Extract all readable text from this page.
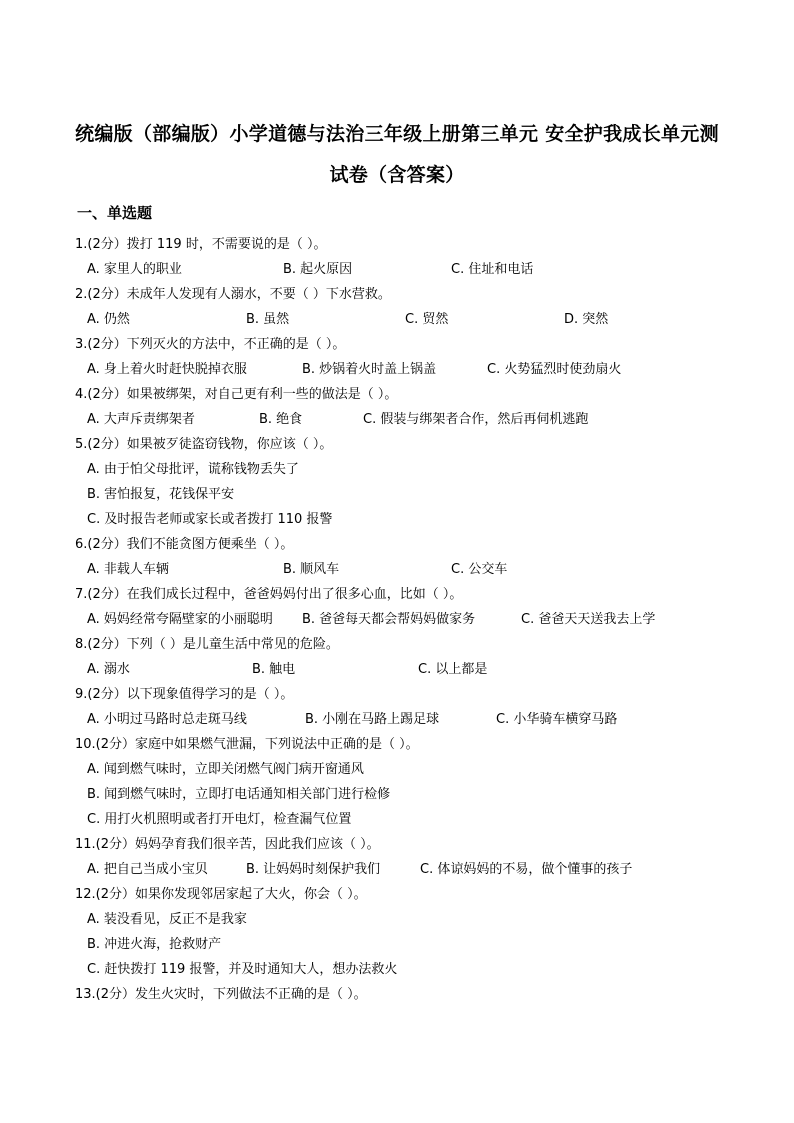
统编版（部编版）小学道德与法治三年级上册第三单元 安全护我成长单元测
试卷（含答案）
一、单选题
1.(2分）拨打 119 时，不需要说的是（ ）。
A. 家里人的职业	B. 起火原因	C. 住址和电话
2.(2分）未成年人发现有人溺水，不要（ ）下水营救。
A. 仍然	B. 虽然	C. 贸然	D. 突然
3.(2分）下列灭火的方法中，不正确的是（ ）。
A. 身上着火时赶快脱掉衣服	B. 炒锅着火时盖上锅盖	C. 火势猛烈时使劲扇火
4.(2分）如果被绑架，对自己更有利一些的做法是（ ）。
A. 大声斥责绑架者	B. 绝食	C. 假装与绑架者合作，然后再伺机逃跑
5.(2分）如果被歹徒盗窃钱物，你应该（ ）。
A. 由于怕父母批评，谎称钱物丢失了
B. 害怕报复，花钱保平安
C. 及时报告老师或家长或者拨打 110 报警
6.(2分）我们不能贪图方便乘坐（ ）。
A. 非载人车辆	B. 顺风车	C. 公交车
7.(2分）在我们成长过程中，爸爸妈妈付出了很多心血，比如（ ）。
A. 妈妈经常夸隔壁家的小丽聪明 B. 爸爸每天都会帮妈妈做家务	C. 爸爸天天送我去上学
8.(2分）下列（ ）是儿童生活中常见的危险。
A. 溺水	B. 触电	C. 以上都是
9.(2分）以下现象值得学习的是（ ）。
A. 小明过马路时总走斑马线	B. 小刚在马路上踢足球	C. 小华骑车横穿马路
10.(2分）家庭中如果燃气泄漏，下列说法中正确的是（ ）。
A. 闻到燃气味时，立即关闭燃气阀门病开窗通风
B. 闻到燃气味时，立即打电话通知相关部门进行检修
C. 用打火机照明或者打开电灯，检查漏气位置
11.(2分）妈妈孕育我们很辛苦，因此我们应该（ ）。
A. 把自己当成小宝贝	B. 让妈妈时刻保护我们	C. 体谅妈妈的不易，做个懂事的孩子
12.(2分）如果你发现邻居家起了大火，你会（ ）。
A. 装没看见，反正不是我家
B. 冲进火海，抢救财产
C. 赶快拨打 119 报警，并及时通知大人，想办法救火
13.(2分）发生火灾时，下列做法不正确的是（ ）。
